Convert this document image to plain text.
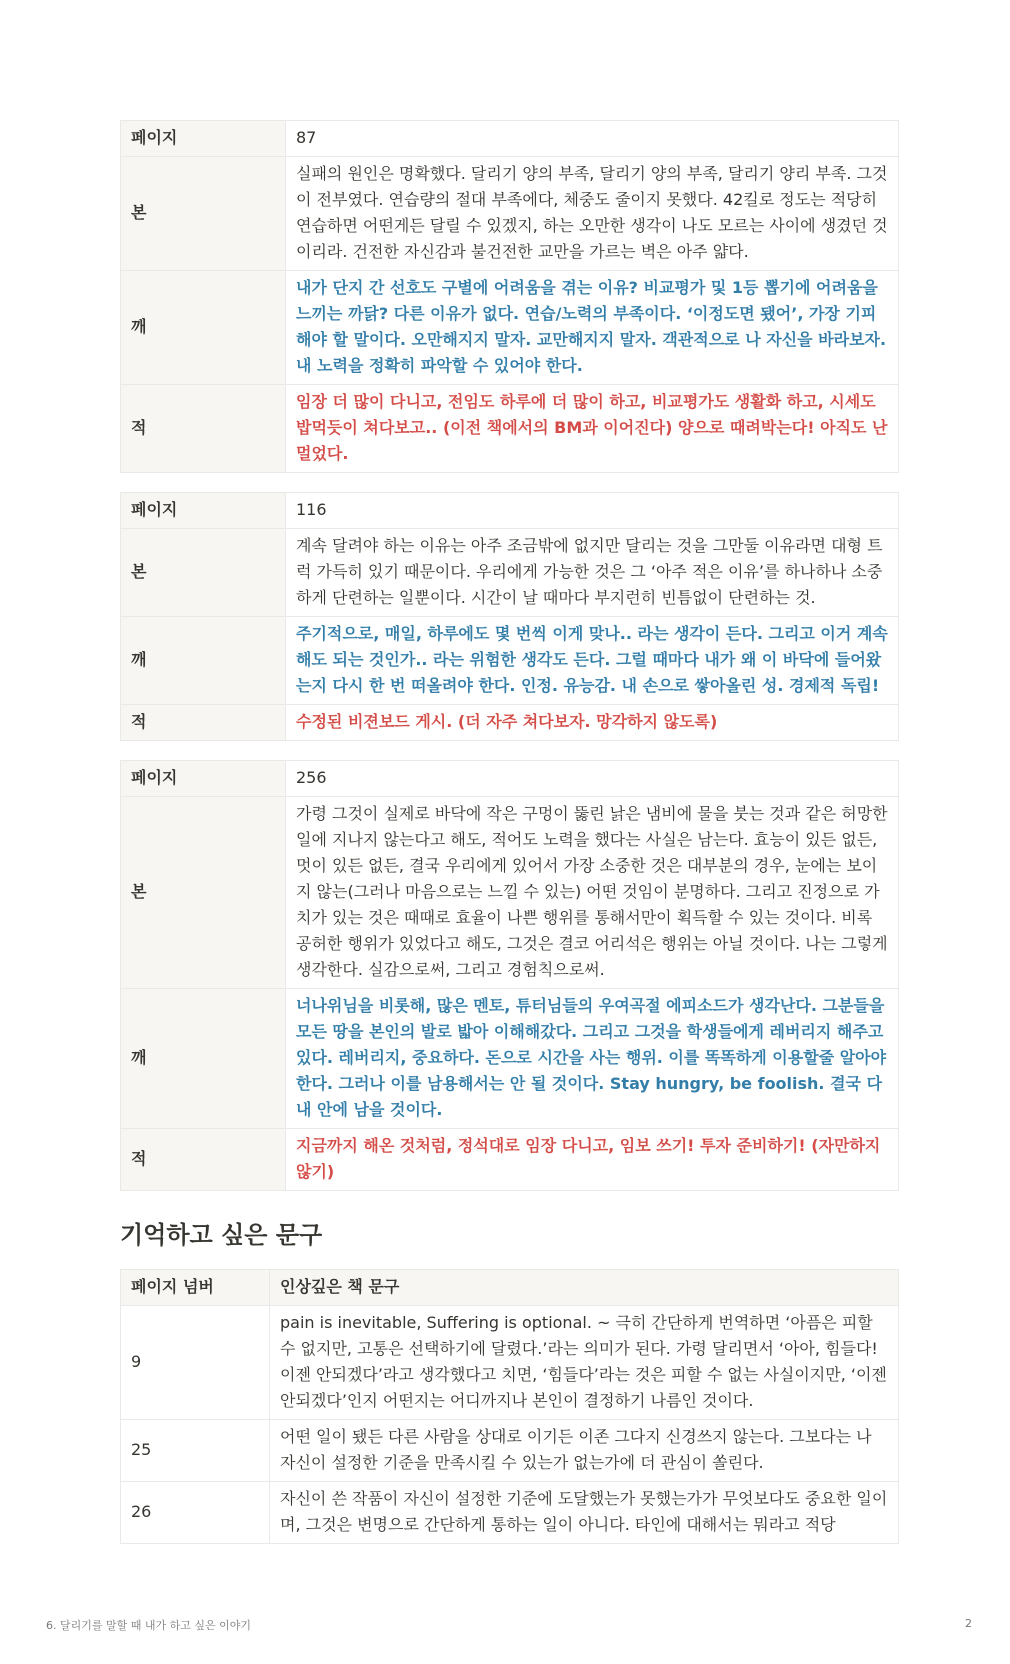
페이지	87
본	실패의 원인은 명확했다. 달리기 양의 부족, 달리기 양의 부족, 달리기 양리 부족. 그것이 전부였다. 연습량의 절대 부족에다, 체중도 줄이지 못했다. 42킬로 정도는 적당히 연습하면 어떤게든 달릴 수 있겠지, 하는 오만한 생각이 나도 모르는 사이에 생겼던 것이리라. 건전한 자신감과 불건전한 교만을 가르는 벽은 아주 얇다.
깨	내가 단지 간 선호도 구별에 어려움을 겪는 이유? 비교평가 및 1등 뽑기에 어려움을 느끼는 까닭? 다른 이유가 없다. 연습/노력의 부족이다. ‘이정도면 됐어’, 가장 기피해야 할 말이다. 오만해지지 말자. 교만해지지 말자. 객관적으로 나 자신을 바라보자. 내 노력을 정확히 파악할 수 있어야 한다.
적	임장 더 많이 다니고, 전임도 하루에 더 많이 하고, 비교평가도 생활화 하고, 시세도 밥먹듯이 쳐다보고.. (이전 책에서의 BM과 이어진다) 양으로 때려박는다! 아직도 난 멀었다.
페이지	116
본	계속 달려야 하는 이유는 아주 조금밖에 없지만 달리는 것을 그만둘 이유라면 대형 트럭 가득히 있기 때문이다. 우리에게 가능한 것은 그 ‘아주 적은 이유’를 하나하나 소중하게 단련하는 일뿐이다. 시간이 날 때마다 부지런히 빈틈없이 단련하는 것.
깨	주기적으로, 매일, 하루에도 몇 번씩 이게 맞나.. 라는 생각이 든다. 그리고 이거 계속 해도 되는 것인가.. 라는 위험한 생각도 든다. 그럴 때마다 내가 왜 이 바닥에 들어왔는지 다시 한 번 떠올려야 한다. 인정. 유능감. 내 손으로 쌓아올린 성. 경제적 독립!
적	수정된 비젼보드 게시. (더 자주 쳐다보자. 망각하지 않도록)
페이지	256
본	가령 그것이 실제로 바닥에 작은 구멍이 뚫린 낡은 냄비에 물을 붓는 것과 같은 허망한 일에 지나지 않는다고 해도, 적어도 노력을 했다는 사실은 남는다. 효능이 있든 없든, 멋이 있든 없든, 결국 우리에게 있어서 가장 소중한 것은 대부분의 경우, 눈에는 보이지 않는(그러나 마음으로는 느낄 수 있는) 어떤 것임이 분명하다. 그리고 진정으로 가치가 있는 것은 때때로 효율이 나쁜 행위를 통해서만이 획득할 수 있는 것이다. 비록 공허한 행위가 있었다고 해도, 그것은 결코 어리석은 행위는 아닐 것이다. 나는 그렇게 생각한다. 실감으로써, 그리고 경험칙으로써.
깨	너나위님을 비롯해, 많은 멘토, 튜터님들의 우여곡절 에피소드가 생각난다. 그분들을 모든 땅을 본인의 발로 밟아 이해해갔다. 그리고 그것을 학생들에게 레버리지 해주고 있다. 레버리지, 중요하다. 돈으로 시간을 사는 행위. 이를 똑똑하게 이용할줄 알아야 한다. 그러나 이를 남용해서는 안 될 것이다. Stay hungry, be foolish. 결국 다 내 안에 남을 것이다.
적	지금까지 해온 것처럼, 정석대로 임장 다니고, 임보 쓰기! 투자 준비하기! (자만하지 않기)
기억하고 싶은 문구
페이지 넘버	인상깊은 책 문구
9	pain is inevitable, Suffering is optional. ~ 극히 간단하게 번역하면 ‘아픔은 피할 수 없지만, 고통은 선택하기에 달렸다.’라는 의미가 된다. 가령 달리면서 ‘아아, 힘들다! 이젠 안되겠다’라고 생각했다고 치면, ‘힘들다’라는 것은 피할 수 없는 사실이지만, ‘이젠 안되겠다’인지 어떤지는 어디까지나 본인이 결정하기 나름인 것이다.
25	어떤 일이 됐든 다른 사람을 상대로 이기든 이존 그다지 신경쓰지 않는다. 그보다는 나 자신이 설정한 기준을 만족시킬 수 있는가 없는가에 더 관심이 쏠린다.
26	자신이 쓴 작품이 자신이 설정한 기준에 도달했는가 못했는가가 무엇보다도 중요한 일이며, 그것은 변명으로 간단하게 통하는 일이 아니다. 타인에 대해서는 뭐라고 적당
6. 달리기를 말할 때 내가 하고 싶은 이야기	2
